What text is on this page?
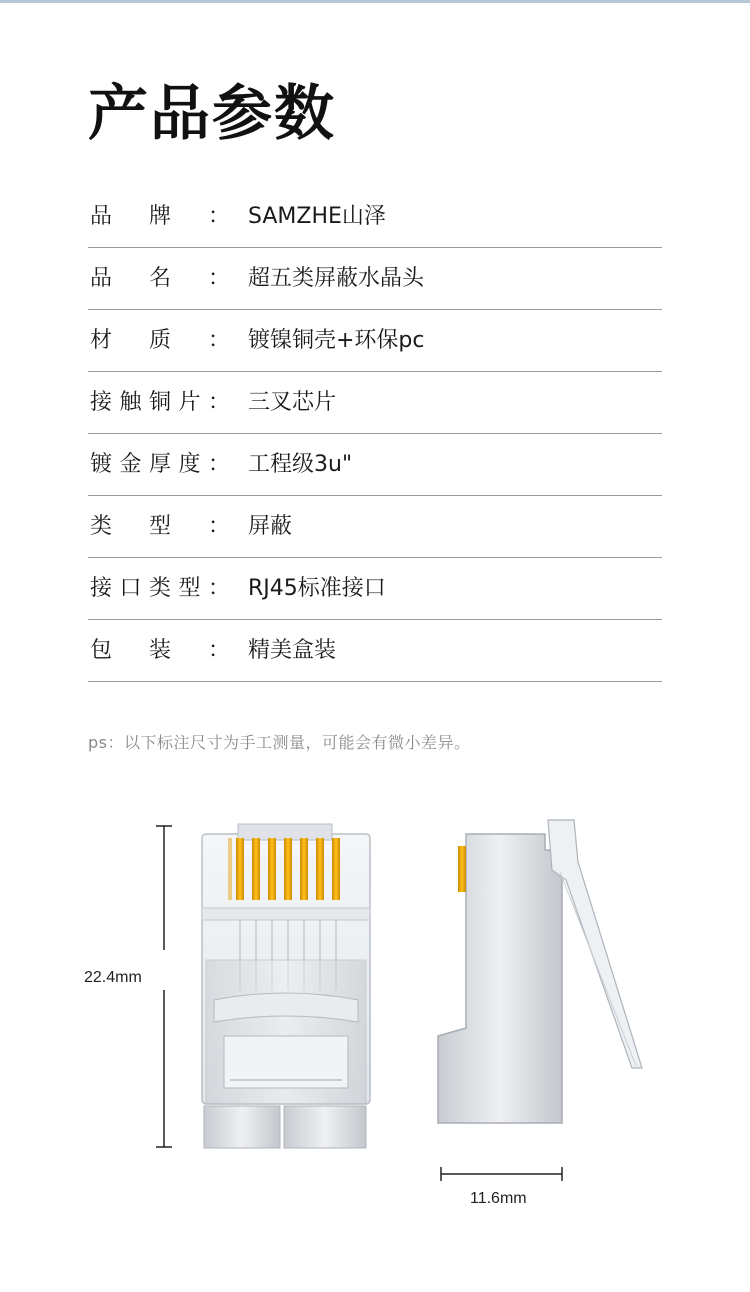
产品参数
品 牌 ： SAMZHE山泽
品 名 ： 超五类屏蔽水晶头
材 质 ： 镀镍铜壳+环保pc
接 触 铜 片 ： 三叉芯片
镀 金 厚 度 ： 工程级3u"
类 型 ： 屏蔽
接 口 类 型 ： RJ45标准接口
包 装 ： 精美盒装
ps：以下标注尺寸为手工测量，可能会有微小差异。
22.4mm
11.6mm
